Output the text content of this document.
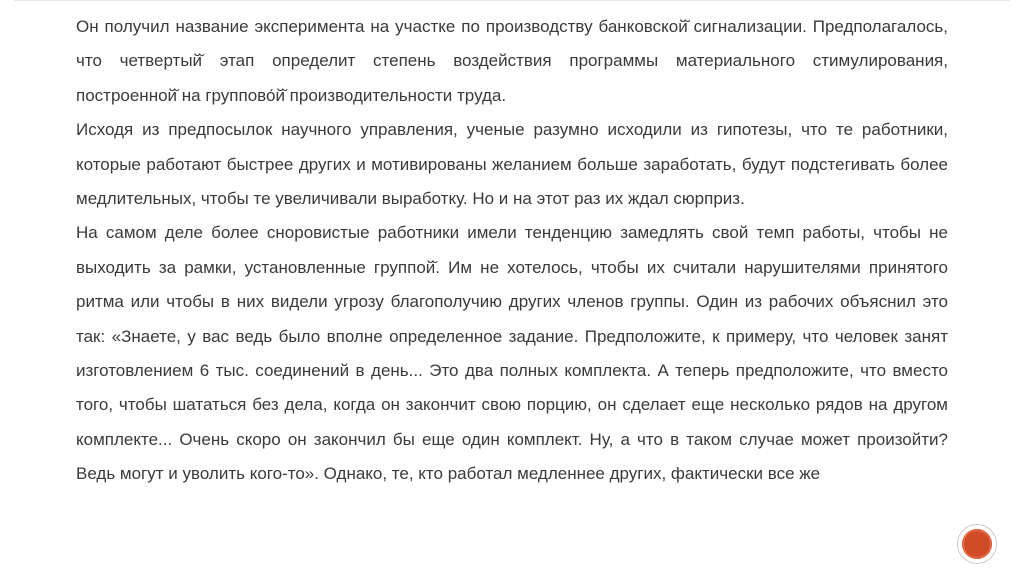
Он получил название эксперимента на участке по производству банковской̆ сигнализации. Предполагалось, что четвертый̆ этап определит степень воздействия программы материального стимулирования, построенной̆ на группово́й̆ производительности труда.

Исходя из предпосылок научного управления, ученые разумно исходили из гипотезы, что те работники, которые работают быстрее других и мотивированы желанием больше заработать, будут подстегивать более медлительных, чтобы те увеличивали выработку. Но и на этот раз их ждал сюрприз.

На самом деле более сноровистые работники имели тенденцию замедлять свой темп работы, чтобы не выходить за рамки, установленные группой̆. Им не хотелось, чтобы их считали нарушителями принятого ритма или чтобы в них видели угрозу благополучию других членов группы. Один из рабочих объяснил это так: «Знаете, у вас ведь было вполне определенное задание. Предположите, к примеру, что человек занят изготовлением 6 тыс. соединений в день... Это два полных комплекта. А теперь предположите, что вместо того, чтобы шататься без дела, когда он закончит свою порцию, он сделает еще несколько рядов на другом комплекте... Очень скоро он закончил бы еще один комплект. Ну, а что в таком случае может произойти? Ведь могут и уволить кого-то». Однако, те, кто работал медленнее других, фактически все же
